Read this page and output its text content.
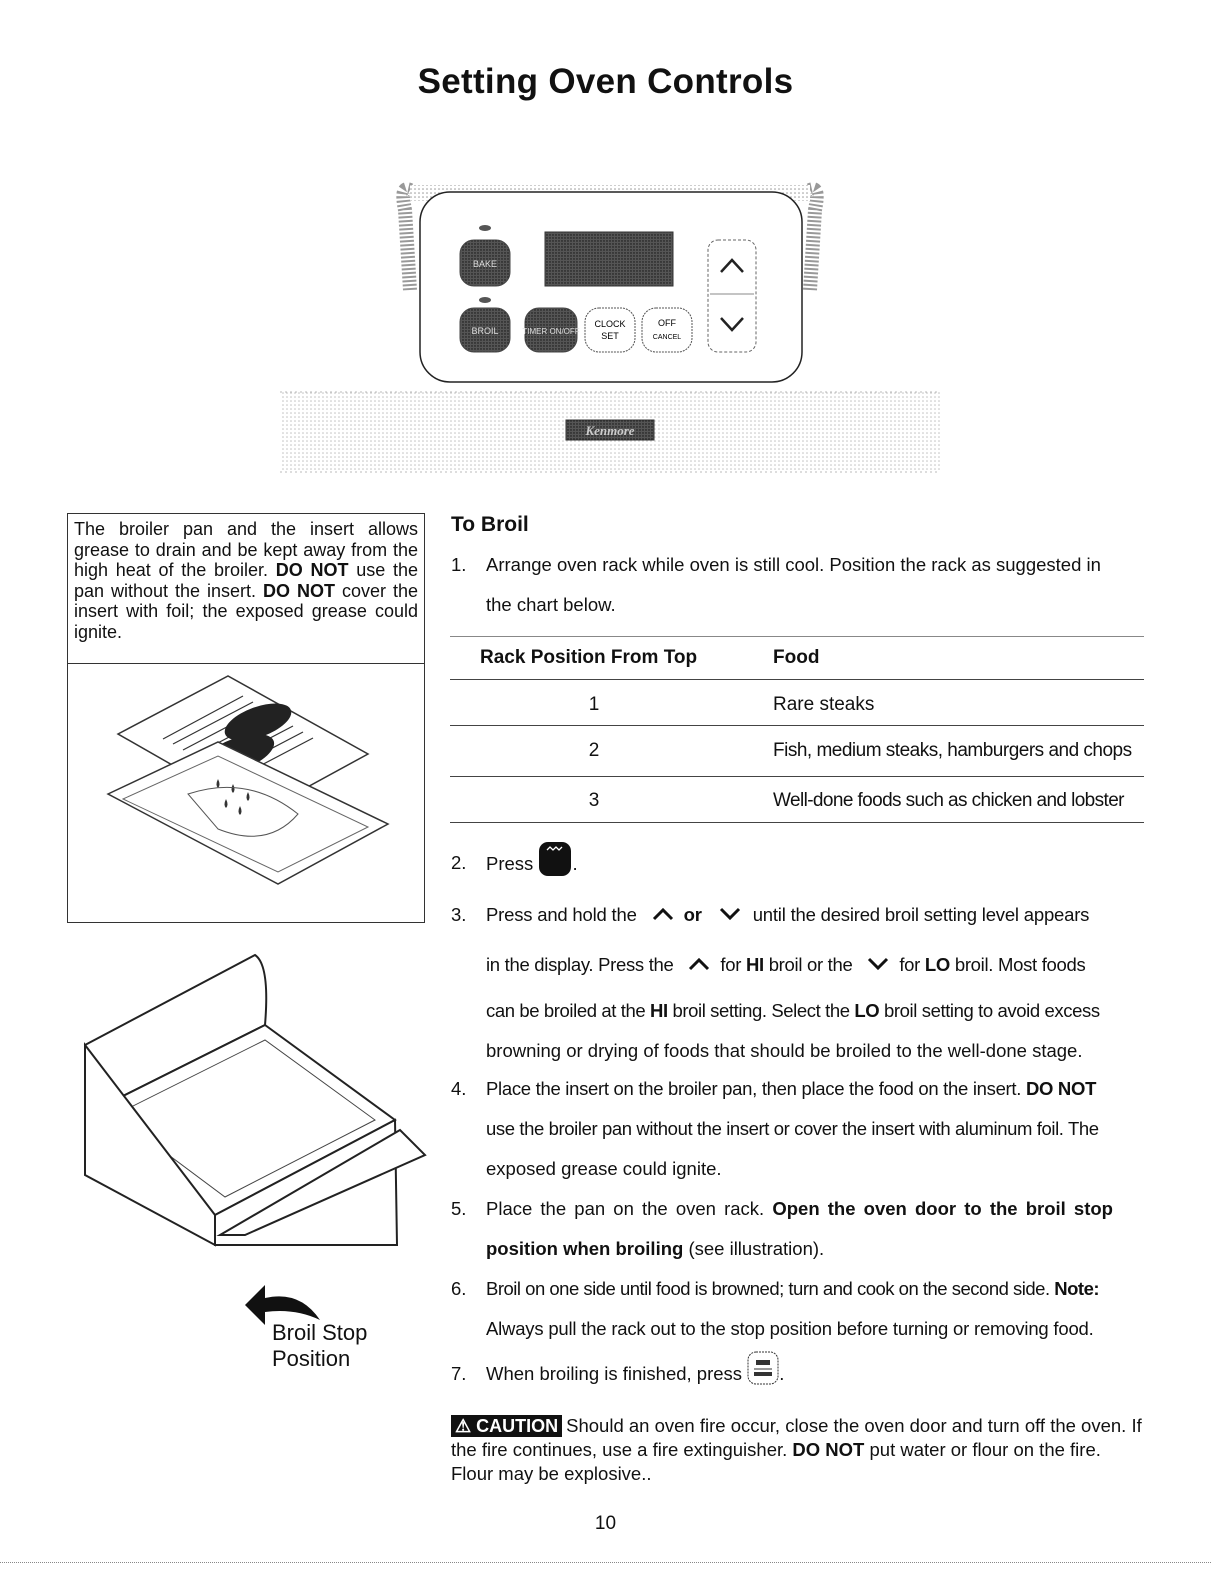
Setting Oven Controls
BAKE
BROIL	TIMER ON/OFF
CLOCK
SET
OFF
CANCEL
Kenmore
The broiler pan and the insert allows grease to drain and be kept away from the high heat of the broiler. DO NOT use the pan without the insert. DO NOT cover the insert with foil; the exposed grease could ignite.
Broil Stop
Position
To Broil
1.	Arrange oven rack while oven is still cool. Position the rack as suggested in
the chart below.
Rack Position From Top	Food
1	Rare steaks
2	Fish, medium steaks, hamburgers and chops
3	Well-done foods such as chicken and lobster
2.	Press .
3.	Press and hold the	or	until the desired broil setting level appears
in the display. Press the	for HI broil or the	for LO broil. Most foods
can be broiled at the HI broil setting. Select the LO broil setting to avoid excess
browning or drying of foods that should be broiled to the well-done stage.
4.	Place the insert on the broiler pan, then place the food on the insert. DO NOT
use the broiler pan without the insert or cover the insert with aluminum foil. The
exposed grease could ignite.
5.	Place the pan on the oven rack. Open the oven door to the broil stop
position when broiling (see illustration).
6.	Broil on one side until food is browned; turn and cook on the second side. Note:
Always pull the rack out to the stop position before turning or removing food.
7.	When broiling is finished, press .
⚠ CAUTION Should an oven fire occur, close the oven door and turn off the oven. If the fire continues, use a fire extinguisher. DO NOT put water or flour on the fire. Flour may be explosive..
10
